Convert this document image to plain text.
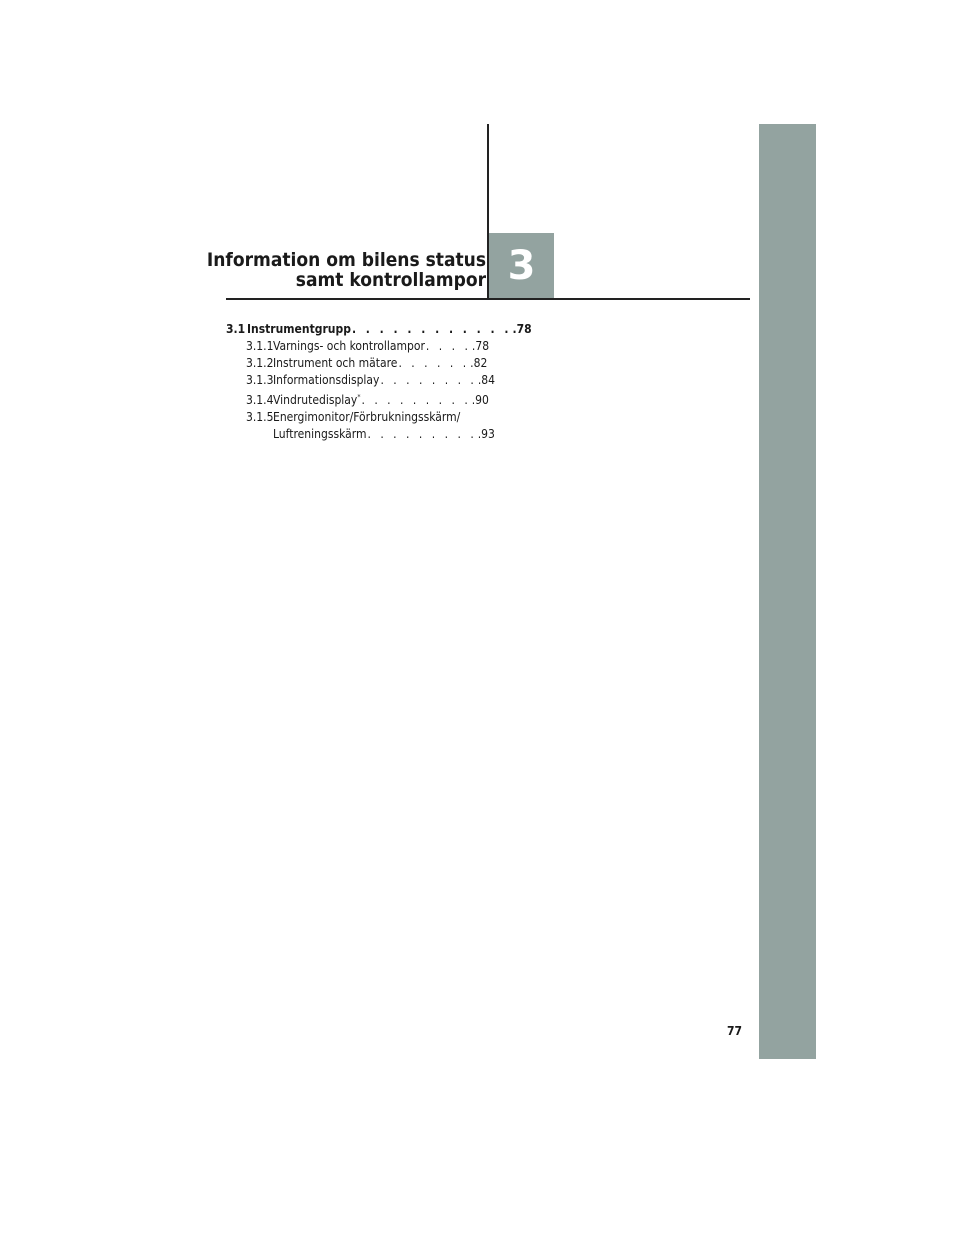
Information om bilens status
samt kontrollampor 3
3.1 Instrumentgrupp . . . . . . . . . . . . .78
3.1.1 Varnings- och kontrollampor . . . . .78
3.1.2 Instrument och mätare . . . . . . .82
3.1.3 Informationsdisplay . . . . . . . . .84
3.1.4 Vindrutedisplay* . . . . . . . . . .90
3.1.5 Energimonitor/Förbrukningsskärm/
Luftreningsskärm . . . . . . . . . .93
77
